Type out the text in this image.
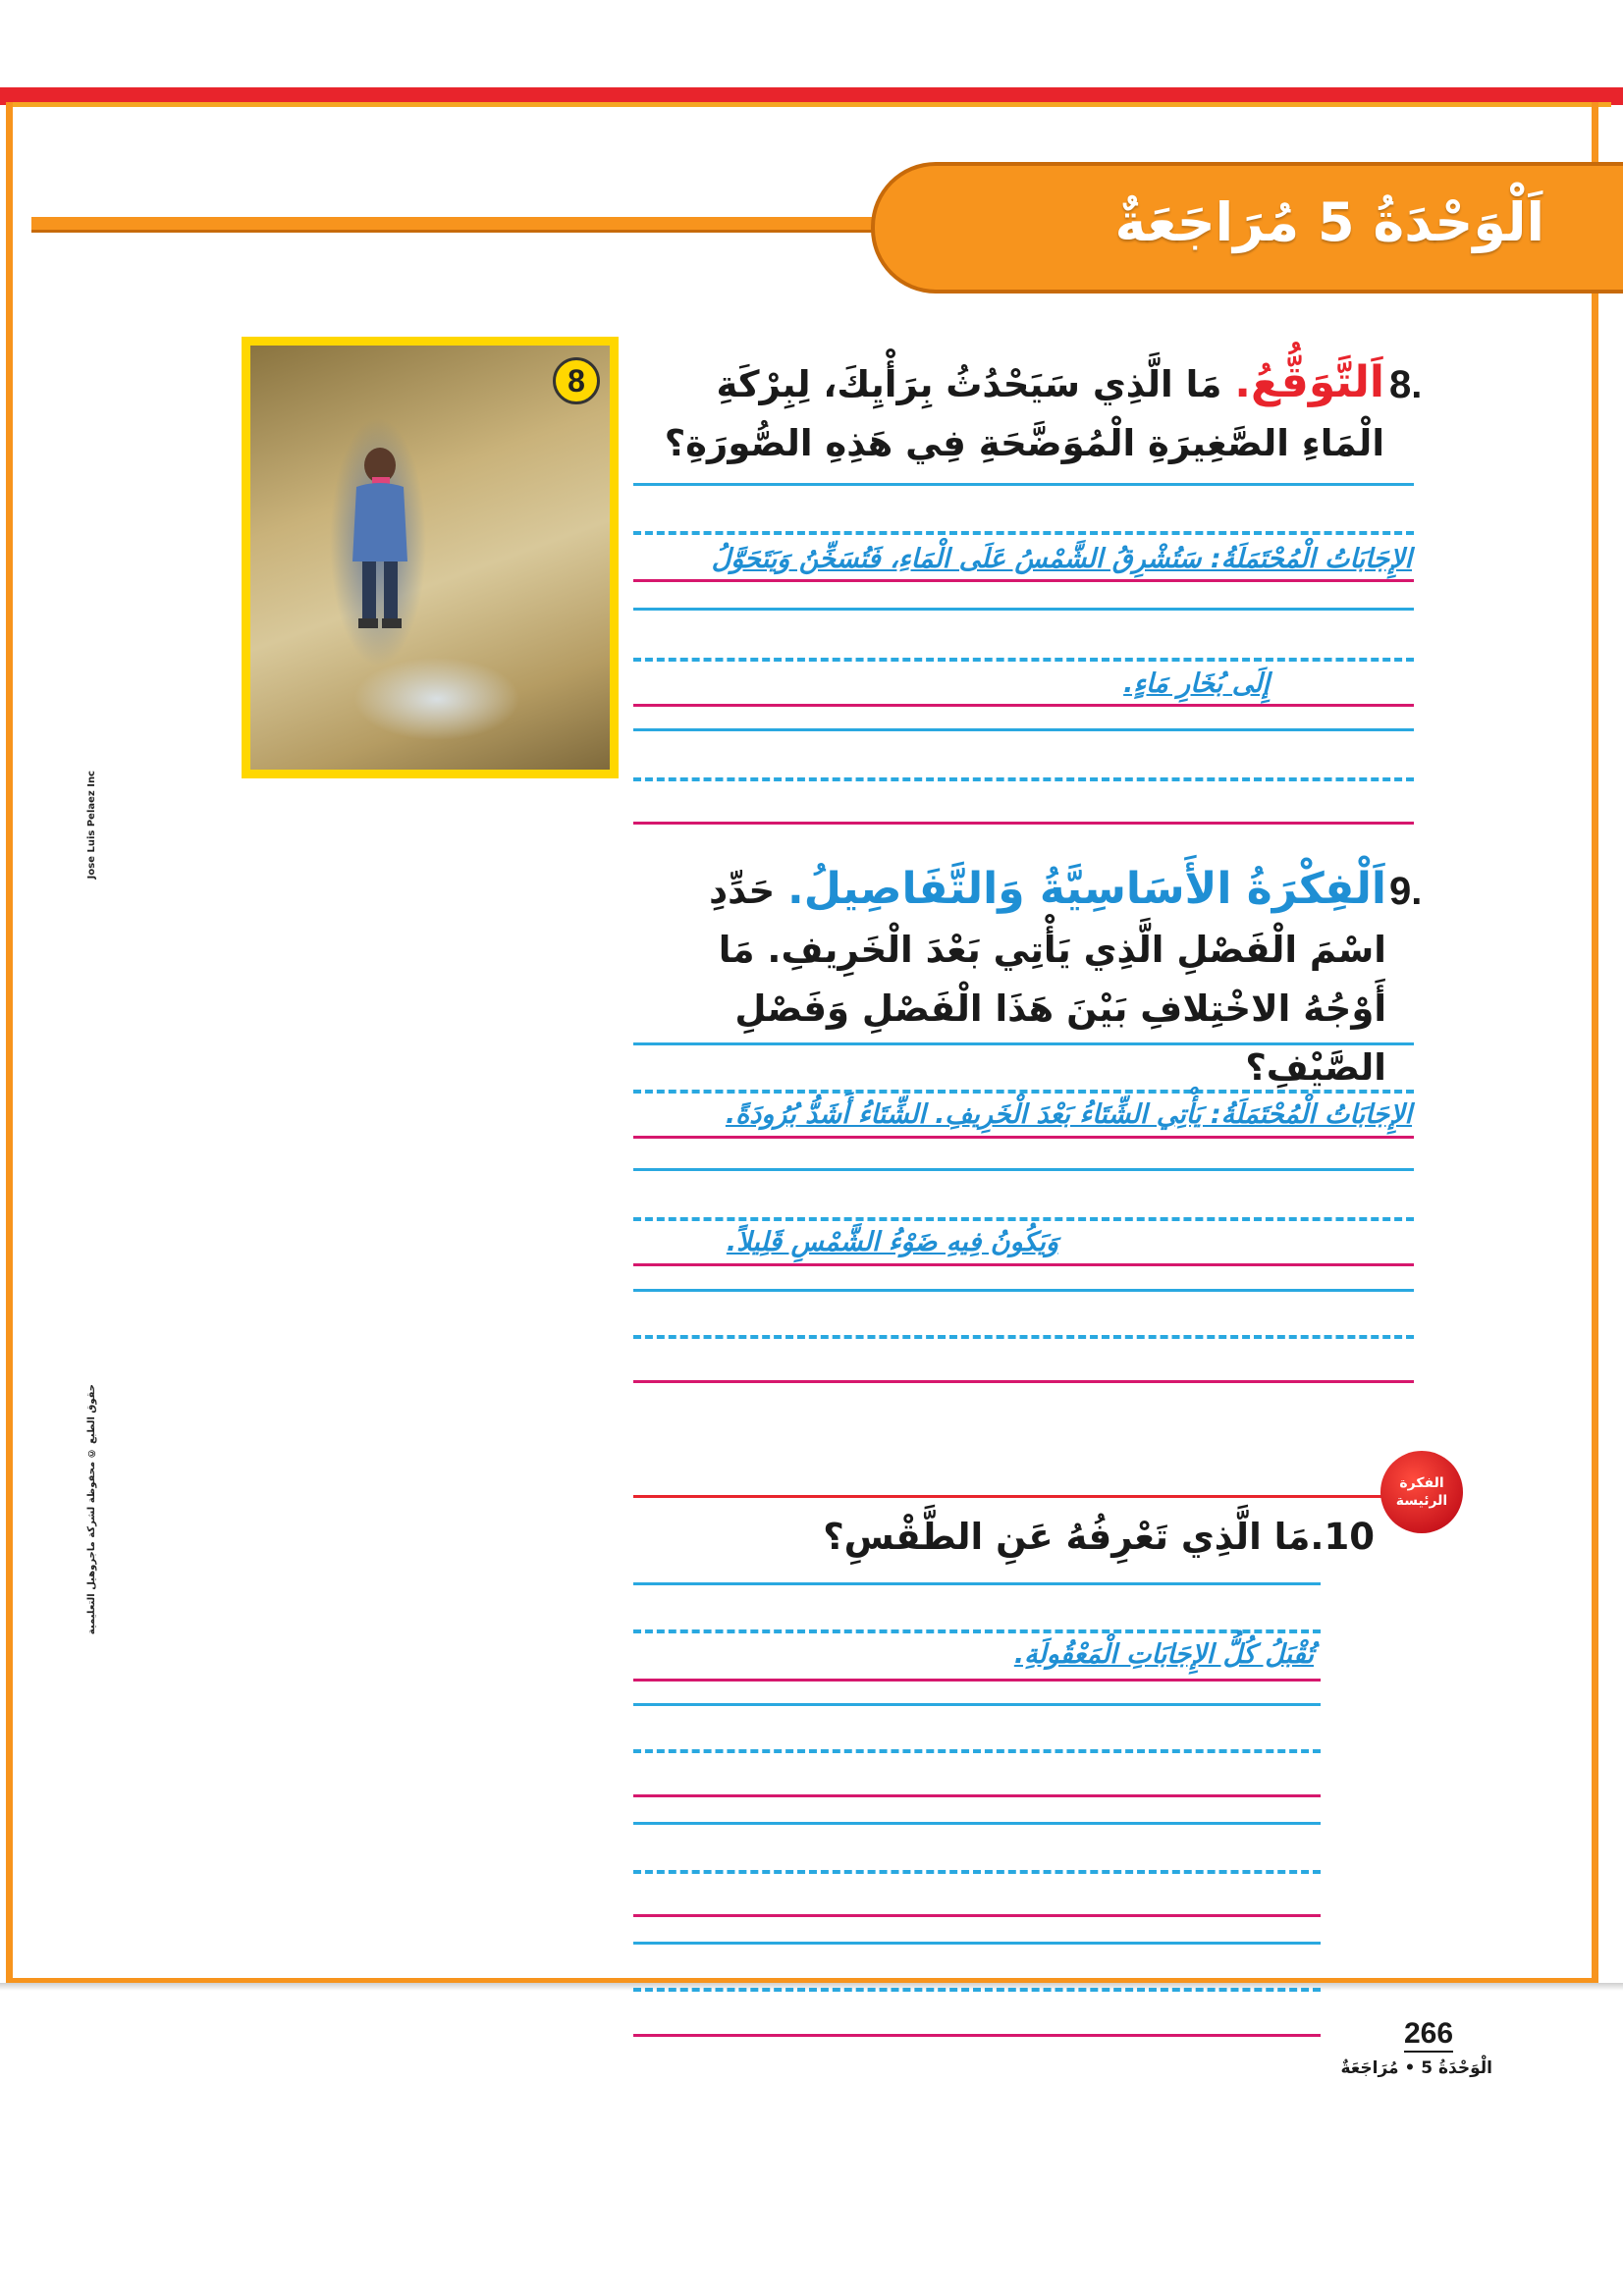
اَلْوَحْدَةُ 5 مُرَاجَعَةٌ
Jose Luis Pelaez Inc
حقوق الطبع © محفوظة لشركة ماجروهيل التعليمية
8	8.
اَلتَّوَقُّعُ. مَا الَّذِي سَيَحْدُثُ بِرَأْيِكَ، لِبِرْكَةِ الْمَاءِ الصَّغِيرَةِ الْمُوَضَّحَةِ فِي هَذِهِ الصُّورَةِ؟
الإِجَابَاتُ الْمُحْتَمَلَةُ: سَتُشْرِقُ الشَّمْسُ عَلَى الْمَاءِ، فَتُسَخِّنُ وَيَتَحَوَّلُ
إِلَى بُخَارِ مَاءٍ.
9.
اَلْفِكْرَةُ الأَسَاسِيَّةُ وَالتَّفَاصِيلُ. حَدِّدِ اسْمَ الْفَصْلِ الَّذِي يَأْتِي بَعْدَ الْخَرِيفِ. مَا أَوْجُهُ الاخْتِلافِ بَيْنَ هَذَا الْفَصْلِ وَفَصْلِ الصَّيْفِ؟
الإِجَابَاتُ الْمُحْتَمَلَةُ: يَأْتِي الشِّتَاءُ بَعْدَ الْخَرِيفِ. الشِّتَاءُ أَشَدُّ بُرُودَةً.
وَيَكُونُ فِيهِ ضَوْءُ الشَّمْسِ قَلِيلاً.
الفكرة الرئيسة
10.مَا الَّذِي تَعْرِفُهُ عَنِ الطَّقْسِ؟
تُقْبَلُ كُلُّ الإِجَابَاتِ الْمَعْقُولَةِ.
266
الْوَحْدَةُ 5 • مُرَاجَعَةٌ
